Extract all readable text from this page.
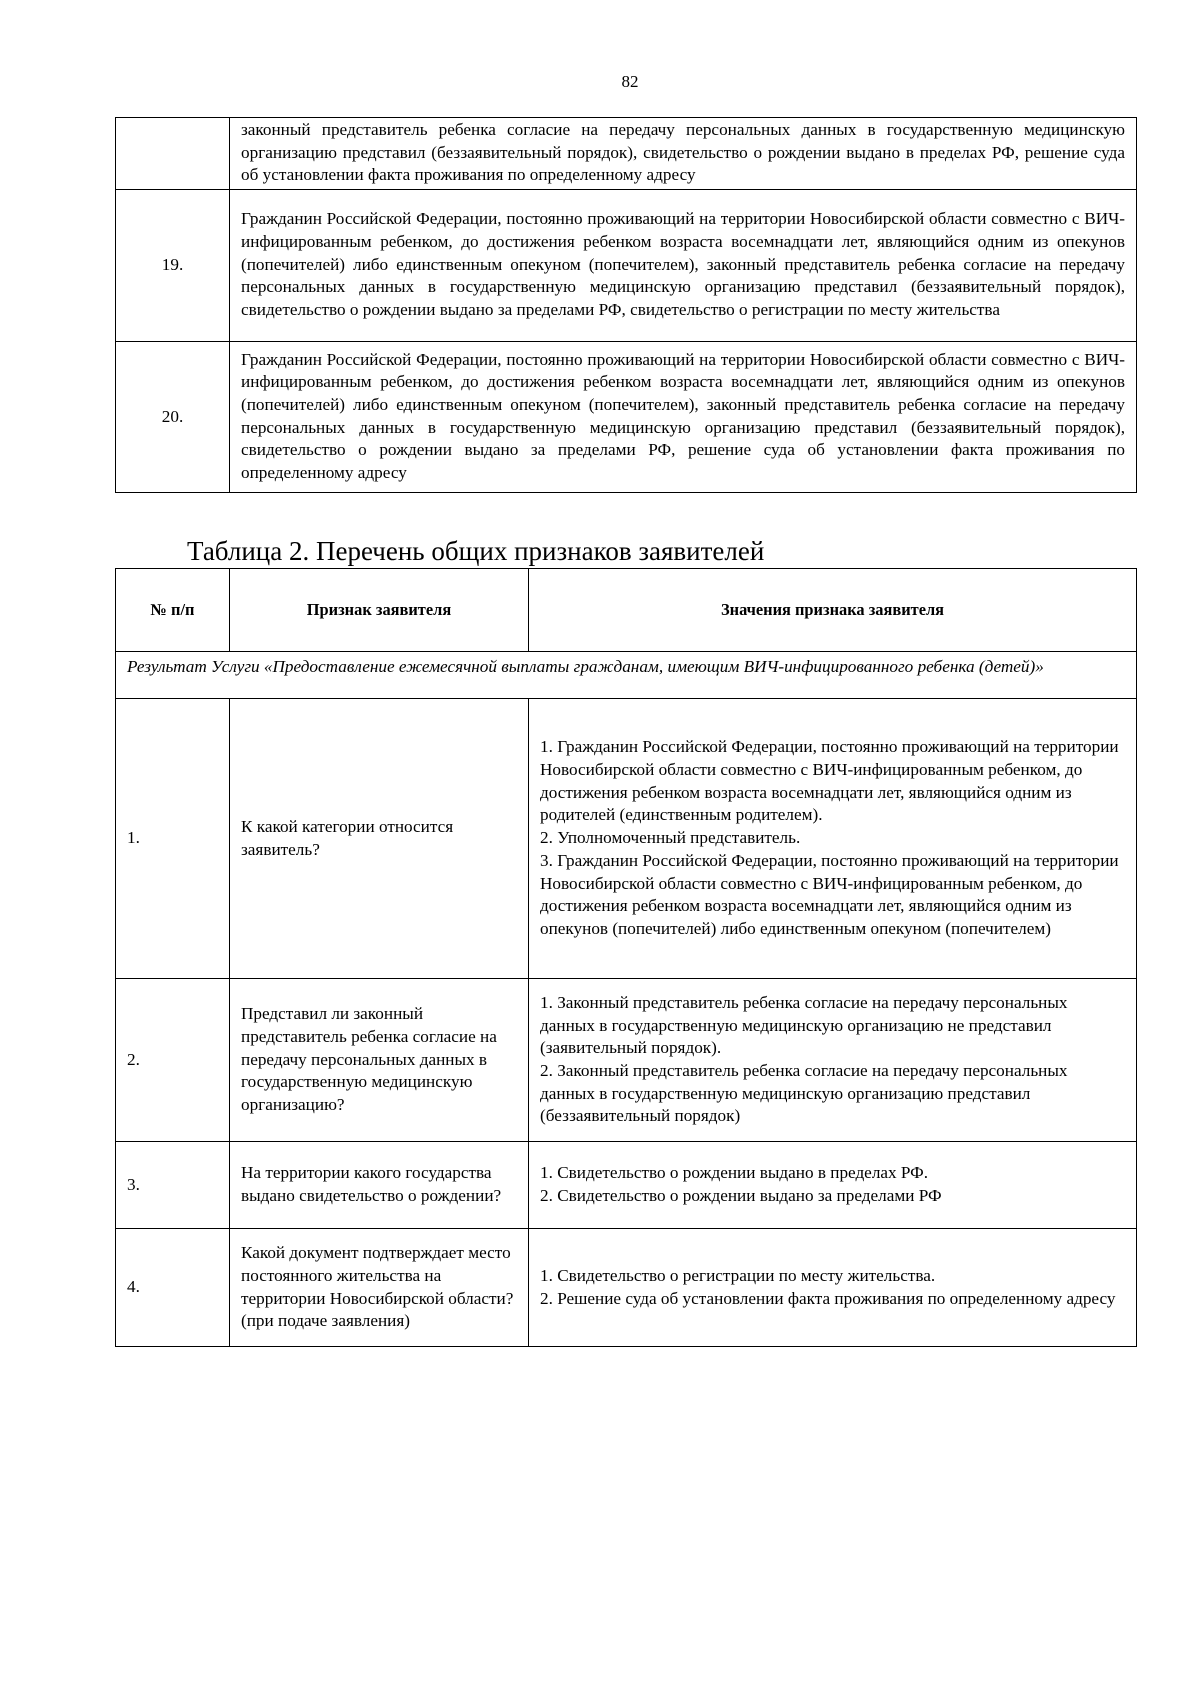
82
	законный представитель ребенка согласие на передачу персональных данных в государственную медицинскую организацию представил (беззаявительный порядок), свидетельство о рождении выдано в пределах РФ, решение суда об установлении факта проживания по определенному адресу
19.	Гражданин Российской Федерации, постоянно проживающий на территории Новосибирской области совместно с ВИЧ-инфицированным ребенком, до достижения ребенком возраста восемнадцати лет, являющийся одним из опекунов (попечителей) либо единственным опекуном (попечителем), законный представитель ребенка согласие на передачу персональных данных в государственную медицинскую организацию представил (беззаявительный порядок), свидетельство о рождении выдано за пределами РФ, свидетельство о регистрации по месту жительства
20.	Гражданин Российской Федерации, постоянно проживающий на территории Новосибирской области совместно с ВИЧ-инфицированным ребенком, до достижения ребенком возраста восемнадцати лет, являющийся одним из опекунов (попечителей) либо единственным опекуном (попечителем), законный представитель ребенка согласие на передачу персональных данных в государственную медицинскую организацию представил (беззаявительный порядок), свидетельство о рождении выдано за пределами РФ, решение суда об установлении факта проживания по определенному адресу
Таблица 2. Перечень общих признаков заявителей
№ п/п	Признак заявителя	Значения признака заявителя
Результат Услуги «Предоставление ежемесячной выплаты гражданам, имеющим ВИЧ-инфицированного ребенка (детей)»		
1.	К какой категории относится заявитель?	1. Гражданин Российской Федерации, постоянно проживающий на территории Новосибирской области совместно с ВИЧ-инфицированным ребенком, до достижения ребенком возраста восемнадцати лет, являющийся одним из родителей (единственным родителем).
2. Уполномоченный представитель.
3. Гражданин Российской Федерации, постоянно проживающий на территории Новосибирской области совместно с ВИЧ-инфицированным ребенком, до достижения ребенком возраста восемнадцати лет, являющийся одним из опекунов (попечителей) либо единственным опекуном (попечителем)

2.	Представил ли законный представитель ребенка согласие на передачу персональных данных в государственную медицинскую организацию?	1. Законный представитель ребенка согласие на передачу персональных данных в государственную медицинскую организацию не представил (заявительный порядок).
2. Законный представитель ребенка согласие на передачу персональных данных в государственную медицинскую организацию представил (беззаявительный порядок)

3.	На территории какого государства выдано свидетельство о рождении?	1. Свидетельство о рождении выдано в пределах РФ.
2. Свидетельство о рождении выдано за пределами РФ

4.	Какой документ подтверждает место постоянного жительства на территории Новосибирской области? (при подаче заявления)	1. Свидетельство о регистрации по месту жительства.
2. Решение суда об установлении факта проживания по определенному адресу
